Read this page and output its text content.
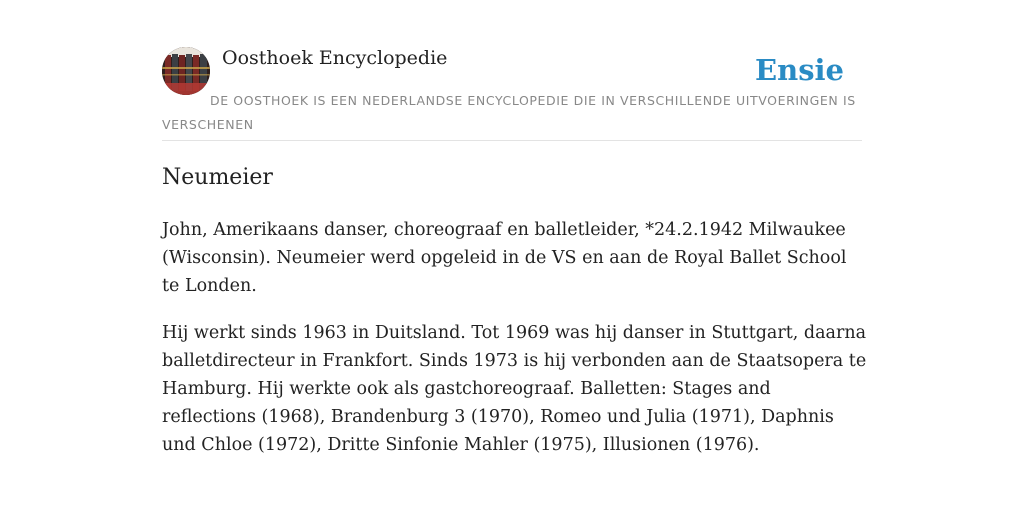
Oosthoek Encyclopedie	Ensie
DE OOSTHOEK IS EEN NEDERLANDSE ENCYCLOPEDIE DIE IN VERSCHILLENDE UITVOERINGEN IS VERSCHENEN
Neumeier

John, Amerikaans danser, choreograaf en balletleider, *24.2.1942 Milwaukee (Wisconsin). Neumeier werd opgeleid in de VS en aan de Royal Ballet School te Londen.

Hij werkt sinds 1963 in Duitsland. Tot 1969 was hij danser in Stuttgart, daarna balletdirecteur in Frankfort. Sinds 1973 is hij verbonden aan de Staatsopera te Hamburg. Hij werkte ook als gastchoreograaf. Balletten: Stages and reflections (1968), Brandenburg 3 (1970), Romeo und Julia (1971), Daphnis und Chloe (1972), Dritte Sinfonie Mahler (1975), Illusionen (1976).
